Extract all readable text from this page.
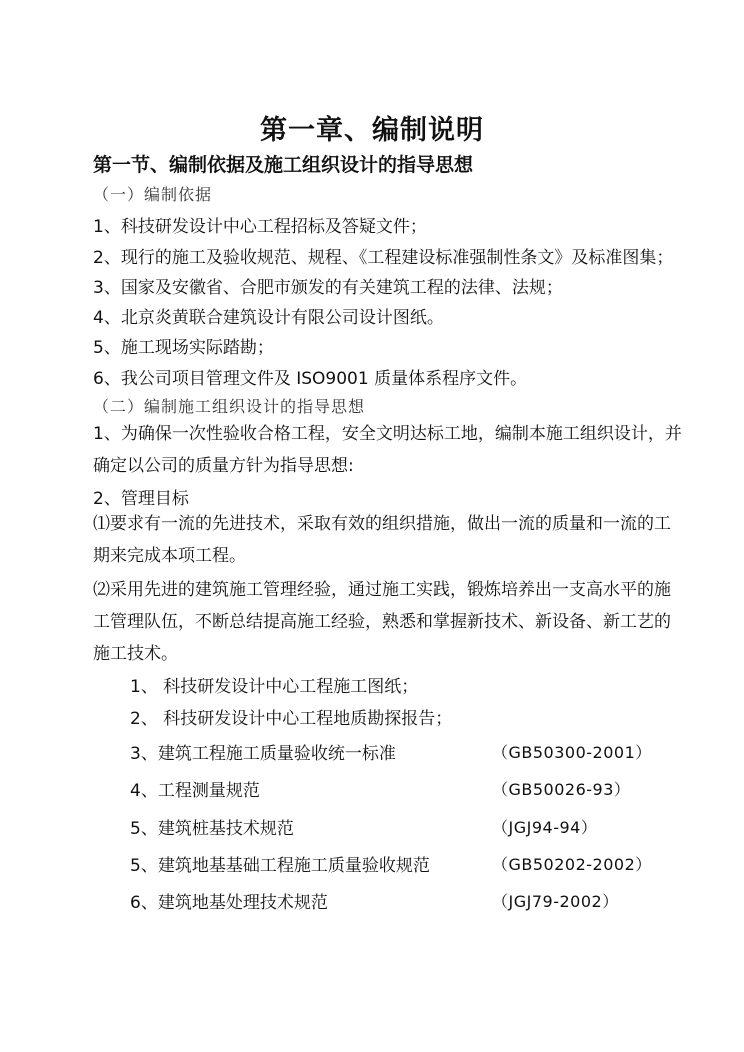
第一章、编制说明
第一节、编制依据及施工组织设计的指导思想
（一）编制依据
1、科技研发设计中心工程招标及答疑文件；
2、现行的施工及验收规范、规程、《工程建设标准强制性条文》及标准图集；
3、国家及安徽省、合肥市颁发的有关建筑工程的法律、法规；
4、北京炎黄联合建筑设计有限公司设计图纸。
5、施工现场实际踏勘；
6、我公司项目管理文件及 ISO9001 质量体系程序文件。
（二）编制施工组织设计的指导思想
1、为确保一次性验收合格工程，安全文明达标工地，编制本施工组织设计，并确定以公司的质量方针为指导思想:
2、管理目标
⑴要求有一流的先进技术，采取有效的组织措施，做出一流的质量和一流的工期来完成本项工程。
⑵采用先进的建筑施工管理经验，通过施工实践，锻炼培养出一支高水平的施工管理队伍，不断总结提高施工经验，熟悉和掌握新技术、新设备、新工艺的施工技术。
1、 科技研发设计中心工程施工图纸；
2、 科技研发设计中心工程地质勘探报告；
3、建筑工程施工质量验收统一标准	（GB50300-2001）
4、工程测量规范	（GB50026-93）
5、建筑桩基技术规范	（JGJ94-94）
5、建筑地基基础工程施工质量验收规范	（GB50202-2002）
6、建筑地基处理技术规范	（JGJ79-2002）
